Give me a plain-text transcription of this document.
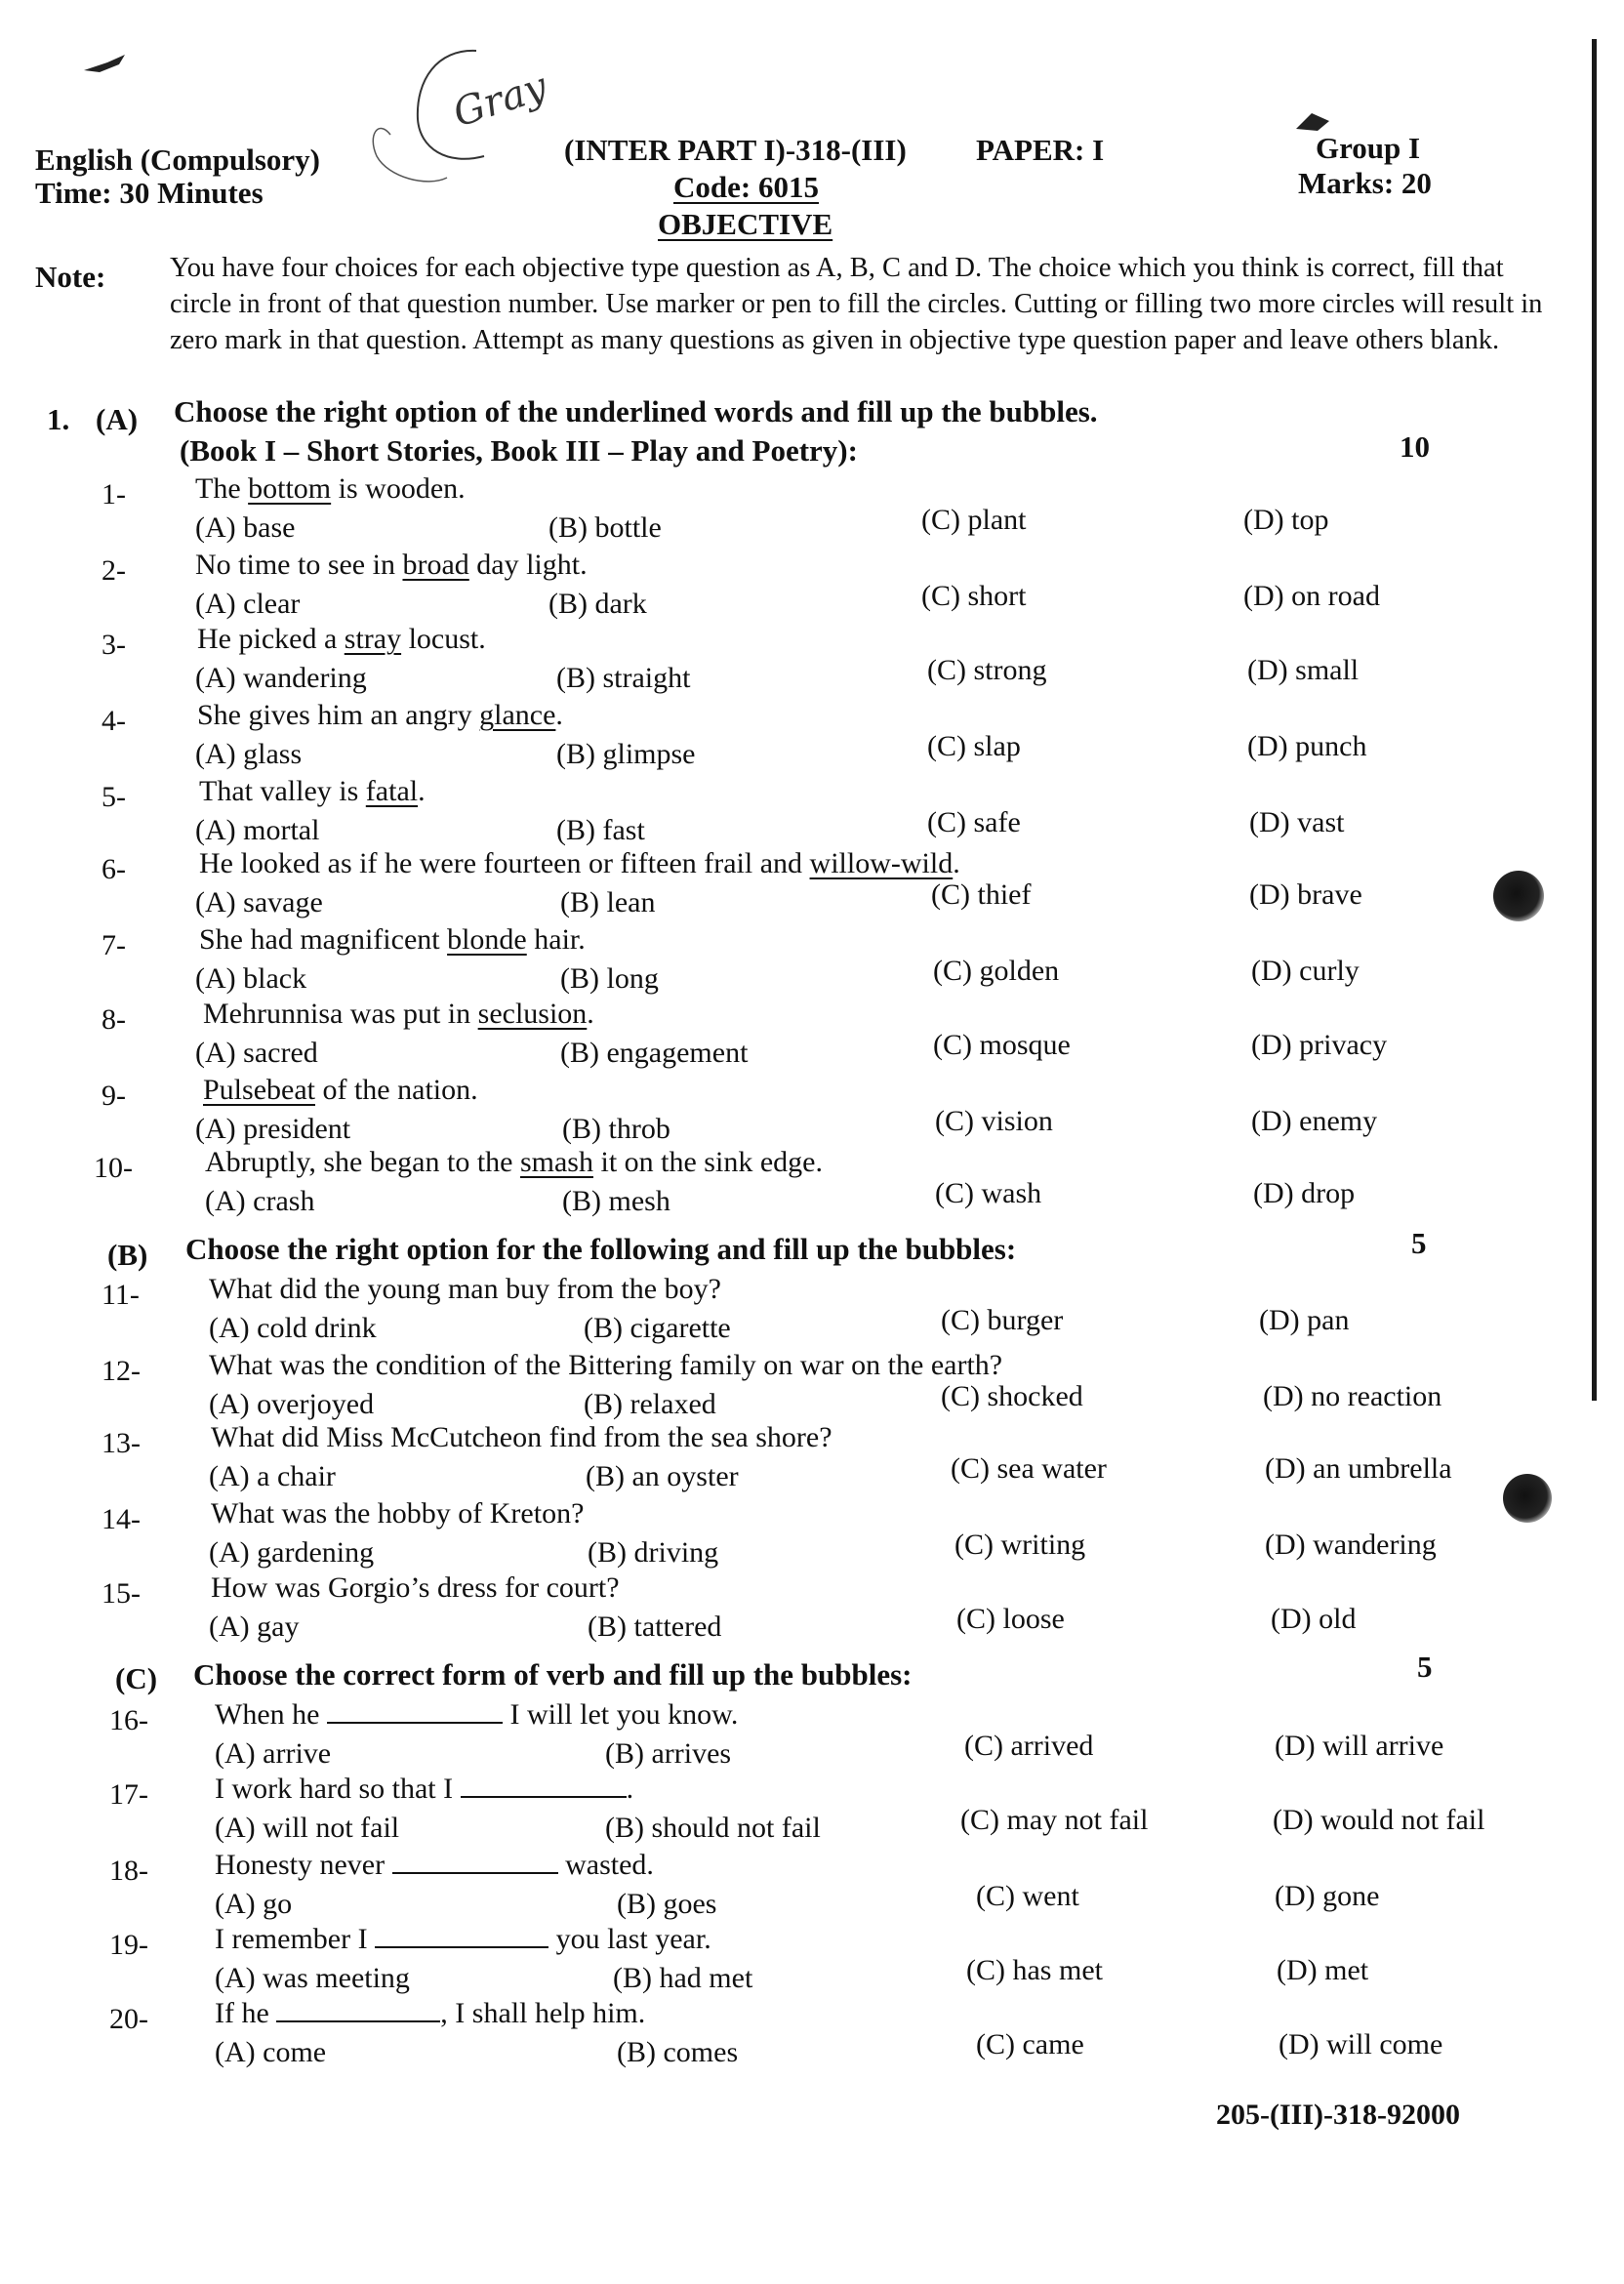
Gray
English (Compulsory)
Time: 30 Minutes
(INTER PART I)-318-(III) PAPER: I
Code: 6015
OBJECTIVE
Group I
Marks: 20
Note: You have four choices for each objective type question as A, B, C and D. The choice which you think is correct, fill that circle in front of that question number. Use marker or pen to fill the circles. Cutting or filling two more circles will result in zero mark in that question. Attempt as many questions as given in objective type question paper and leave others blank.
1. (A) Choose the right option of the underlined words and fill up the bubbles.
(Book I – Short Stories, Book III – Play and Poetry):	10
(B) Choose the right option for the following and fill up the bubbles:	5
(C) Choose the correct form of verb and fill up the bubbles:	5
1- The bottom is wooden.
(A) base	(B) bottle	(C) plant	(D) top
2- No time to see in broad day light.
(A) clear	(B) dark	(C) short	(D) on road
3- He picked a stray locust.
(A) wandering	(B) straight	(C) strong	(D) small
4- She gives him an angry glance.
(A) glass	(B) glimpse	(C) slap	(D) punch
5-	That valley is fatal.
(A) mortal	(B) fast	(C) safe	(D) vast
6-	He looked as if he were fourteen or fifteen frail and willow-wild.
(A) savage	(B) lean	(C) thief	(D) brave
7-	She had magnificent blonde hair.
(A) black	(B) long	(C) golden	(D) curly
8-	Mehrunnisa was put in seclusion.
(A) sacred	(B) engagement	(C) mosque	(D) privacy
9-	Pulsebeat of the nation.
(A) president	(B) throb	(C) vision	(D) enemy
10- Abruptly, she began to the smash it on the sink edge.
(A) crash	(B) mesh	(C) wash	(D) drop
11- What did the young man buy from the boy?
(A) cold drink	(B) cigarette	(C) burger	(D) pan
12- What was the condition of the Bittering family on war on the earth?
(A) overjoyed	(B) relaxed	(C) shocked	(D) no reaction
13- What did Miss McCutcheon find from the sea shore?
(A) a chair	(B) an oyster	(C) sea water	(D) an umbrella
14- What was the hobby of Kreton?
(A) gardening	(B) driving	(C) writing	(D) wandering
15- How was Gorgio’s dress for court?
(A) gay	(B) tattered	(C) loose	(D) old
16- When he	I will let you know.
(A) arrive	(B) arrives	(C) arrived	(D) will arrive
17- I work hard so that I	.
(A) will not fail	(B) should not fail	(C) may not fail	(D) would not fail
18- Honesty never	wasted.
(A) go	(B) goes	(C) went	(D) gone
19- I remember I	you last year.
(A) was meeting	(B) had met	(C) has met	(D) met
20- If he	, I shall help him.
(A) come	(B) comes	(C) came	(D) will come
205-(III)-318-92000
